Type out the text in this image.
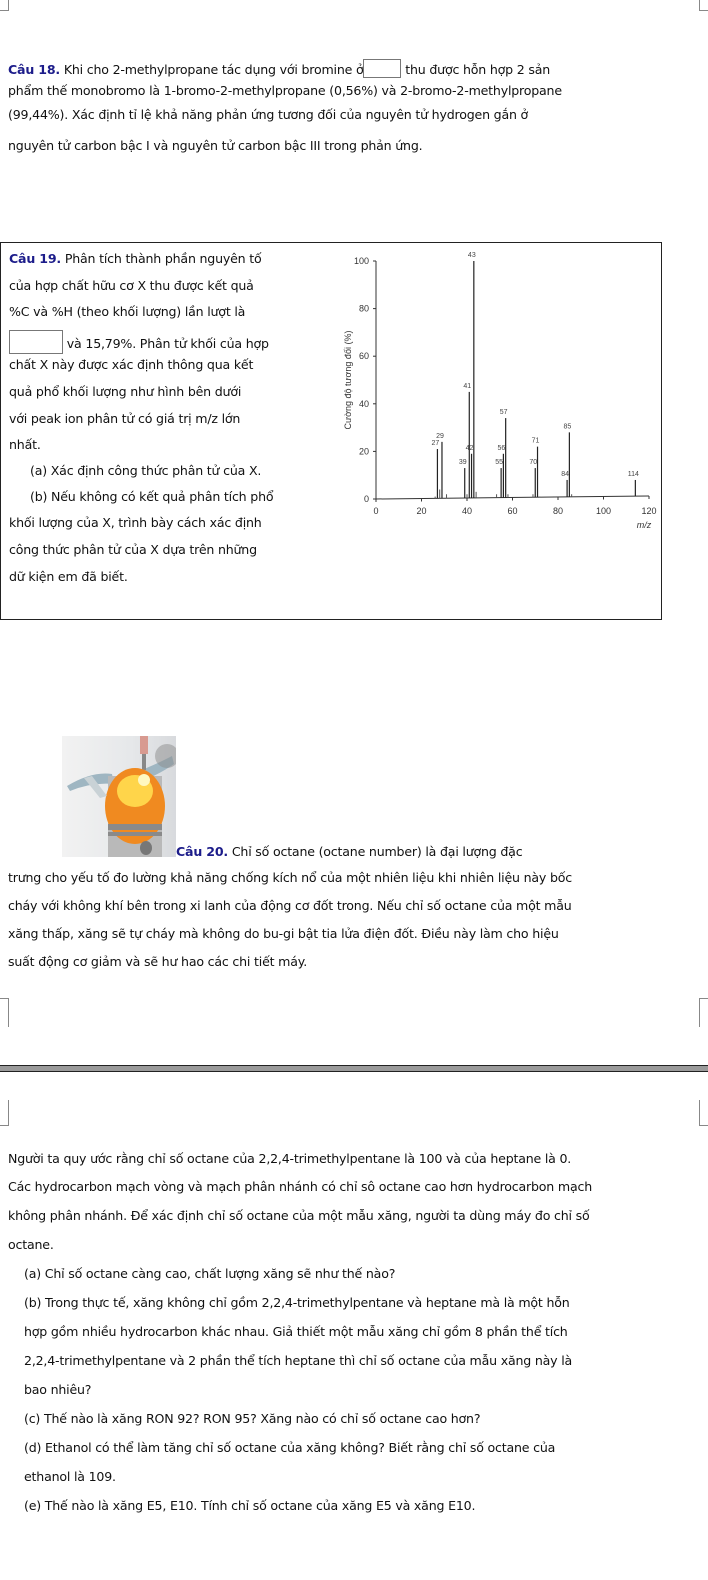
Câu 18. Khi cho 2-methylpropane tác dụng với bromine ở	thu được hỗn hợp 2 sản
phẩm thế monobromo là 1-bromo-2-methylpropane (0,56%) và 2-bromo-2-methylpropane
(99,44%). Xác định tỉ lệ khả năng phản ứng tương đối của nguyên tử hydrogen gắn ở
nguyên tử carbon bậc I và nguyên tử carbon bậc III trong phản ứng.
Câu 19. Phân tích thành phần nguyên tố
của hợp chất hữu cơ X thu được kết quả
%C và %H (theo khối lượng) lần lượt là
và 15,79%. Phân tử khối của hợp
chất X này được xác định thông qua kết
quả phổ khối lượng như hình bên dưới
với peak ion phân tử có giá trị m/z lớn
nhất.
(a) Xác định công thức phân tử của X.
(b) Nếu không có kết quả phân tích phổ
khối lượng của X, trình bày cách xác định
công thức phân tử của X dựa trên những
dữ kiện em đã biết.
0	20	40	60	80	100	120
0
20
40
60
80
100
m/z
Cường độ tương đối (%)
27
29
39
41
42
43
55
56
57
70
71
84
85
114
Câu 20. Chỉ số octane (octane number) là đại lượng đặc
trưng cho yếu tố đo lường khả năng chống kích nổ của một nhiên liệu khi nhiên liệu này bốc
cháy với không khí bên trong xi lanh của động cơ đốt trong. Nếu chỉ số octane của một mẫu
xăng thấp, xăng sẽ tự cháy mà không do bu-gi bật tia lửa điện đốt. Điều này làm cho hiệu
suất động cơ giảm và sẽ hư hao các chi tiết máy.
Người ta quy ước rằng chỉ số octane của 2,2,4-trimethylpentane là 100 và của heptane là 0.
Các hydrocarbon mạch vòng và mạch phân nhánh có chỉ sô octane cao hơn hydrocarbon mạch
không phân nhánh. Để xác định chỉ số octane của một mẫu xăng, người ta dùng máy đo chỉ số
octane.
(a) Chỉ số octane càng cao, chất lượng xăng sẽ như thế nào?
(b) Trong thực tế, xăng không chỉ gồm 2,2,4-trimethylpentane và heptane mà là một hỗn
hợp gồm nhiều hydrocarbon khác nhau. Giả thiết một mẫu xăng chỉ gồm 8 phần thể tích
2,2,4-trimethylpentane và 2 phần thể tích heptane thì chỉ số octane của mẫu xăng này là
bao nhiêu?
(c) Thế nào là xăng RON 92? RON 95? Xăng nào có chỉ số octane cao hơn?
(d) Ethanol có thể làm tăng chỉ số octane của xăng không? Biết rằng chỉ số octane của
ethanol là 109.
(e) Thế nào là xăng E5, E10. Tính chỉ số octane của xăng E5 và xăng E10.
